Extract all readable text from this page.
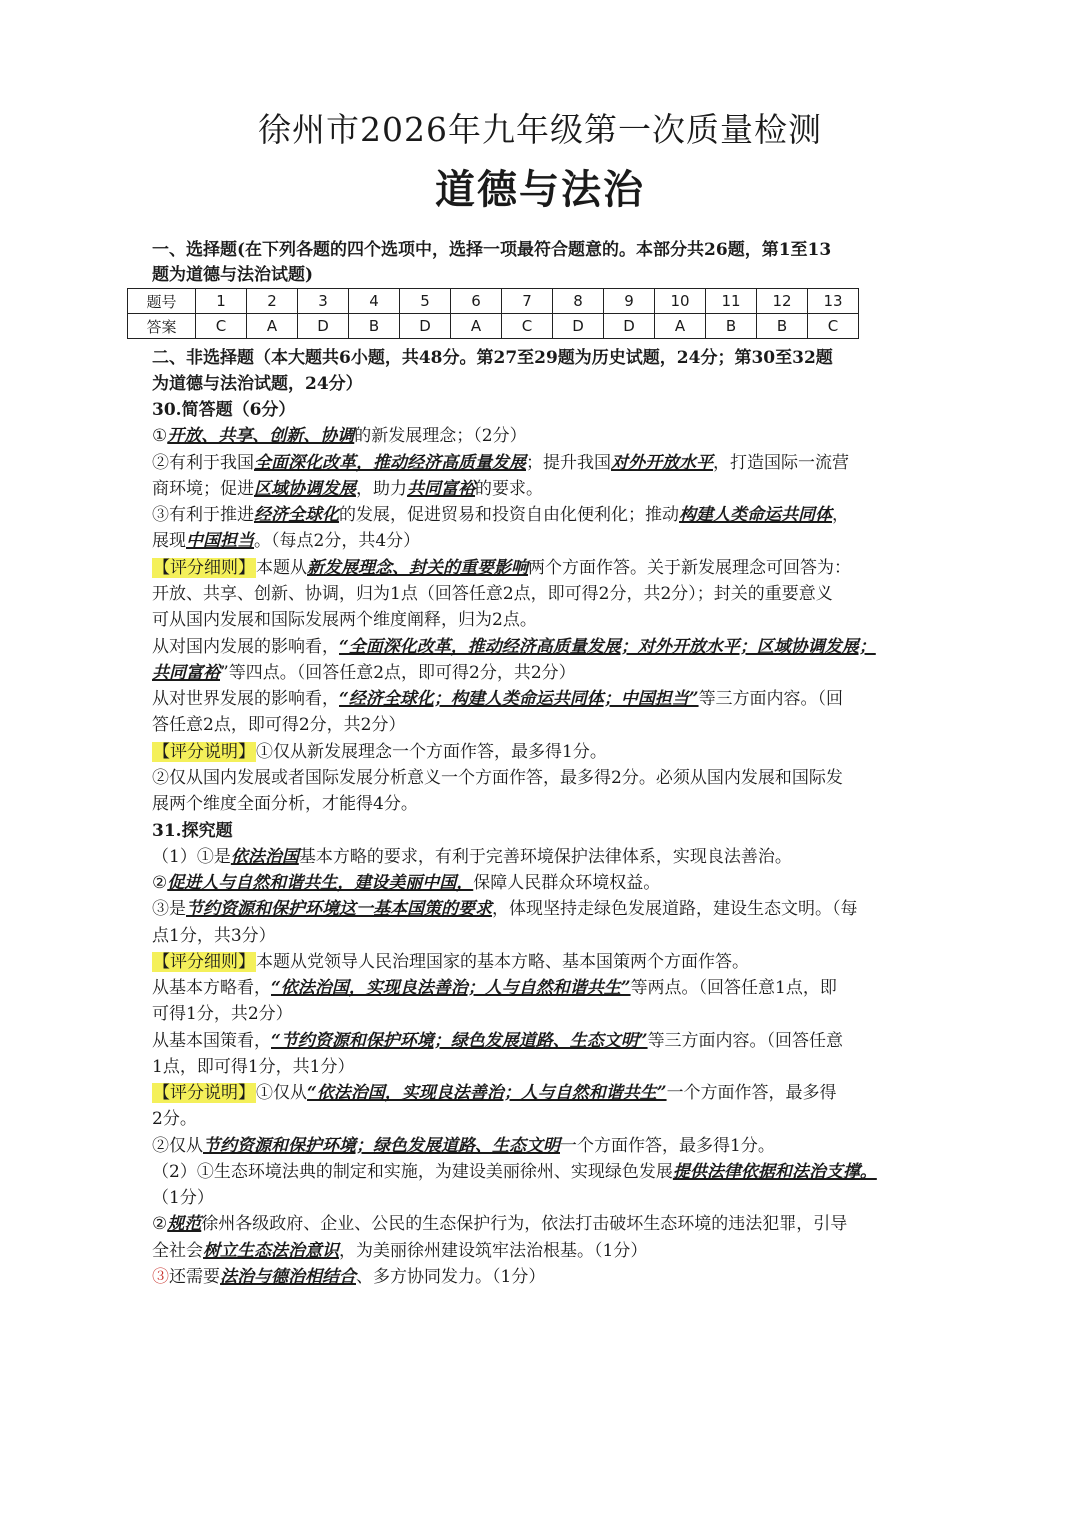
徐州市2026年九年级第一次质量检测
道德与法治
一、选择题(在下列各题的四个选项中，选择一项最符合题意的。本部分共26题，第1至13
题为道德与法治试题)
题号	1	2	3	4	5	6	7	8	9	10	11	12	13
答案	C	A	D	B	D	A	C	D	D	A	B	B	C
二、非选择题（本大题共6小题，共48分。第27至29题为历史试题，24分；第30至32题
为道德与法治试题，24分）
30.简答题（6分）
①开放、共享、创新、协调的新发展理念；（2分）
②有利于我国全面深化改革，推动经济高质量发展；提升我国对外开放水平，打造国际一流营
商环境；促进区域协调发展，助力共同富裕的要求。
③有利于推进经济全球化的发展，促进贸易和投资自由化便利化；推动构建人类命运共同体，
展现中国担当。（每点2分，共4分）
【评分细则】本题从新发展理念、封关的重要影响两个方面作答。关于新发展理念可回答为：
开放、共享、创新、协调，归为1点（回答任意2点，即可得2分，共2分）；封关的重要意义
可从国内发展和国际发展两个维度阐释，归为2点。
从对国内发展的影响看，“全面深化改革，推动经济高质量发展；对外开放水平；区域协调发展；
共同富裕”等四点。（回答任意2点，即可得2分，共2分）
从对世界发展的影响看，“经济全球化；构建人类命运共同体；中国担当”等三方面内容。（回
答任意2点，即可得2分，共2分）
【评分说明】①仅从新发展理念一个方面作答，最多得1分。
②仅从国内发展或者国际发展分析意义一个方面作答，最多得2分。必须从国内发展和国际发
展两个维度全面分析，才能得4分。
31.探究题
（1）①是依法治国基本方略的要求，有利于完善环境保护法律体系，实现良法善治。
②促进人与自然和谐共生，建设美丽中国，保障人民群众环境权益。
③是节约资源和保护环境这一基本国策的要求，体现坚持走绿色发展道路，建设生态文明。（每
点1分，共3分）
【评分细则】本题从党领导人民治理国家的基本方略、基本国策两个方面作答。
从基本方略看，“依法治国，实现良法善治；人与自然和谐共生”等两点。（回答任意1点，即
可得1分，共2分）
从基本国策看，“节约资源和保护环境；绿色发展道路、生态文明”等三方面内容。（回答任意
1点，即可得1分，共1分）
【评分说明】①仅从“依法治国，实现良法善治；人与自然和谐共生”一个方面作答，最多得
2分。
②仅从节约资源和保护环境；绿色发展道路、生态文明一个方面作答，最多得1分。
（2）①生态环境法典的制定和实施，为建设美丽徐州、实现绿色发展提供法律依据和法治支撑。
（1分）
②规范徐州各级政府、企业、公民的生态保护行为，依法打击破坏生态环境的违法犯罪，引导
全社会树立生态法治意识，为美丽徐州建设筑牢法治根基。（1分）
③还需要法治与德治相结合、多方协同发力。（1分）
